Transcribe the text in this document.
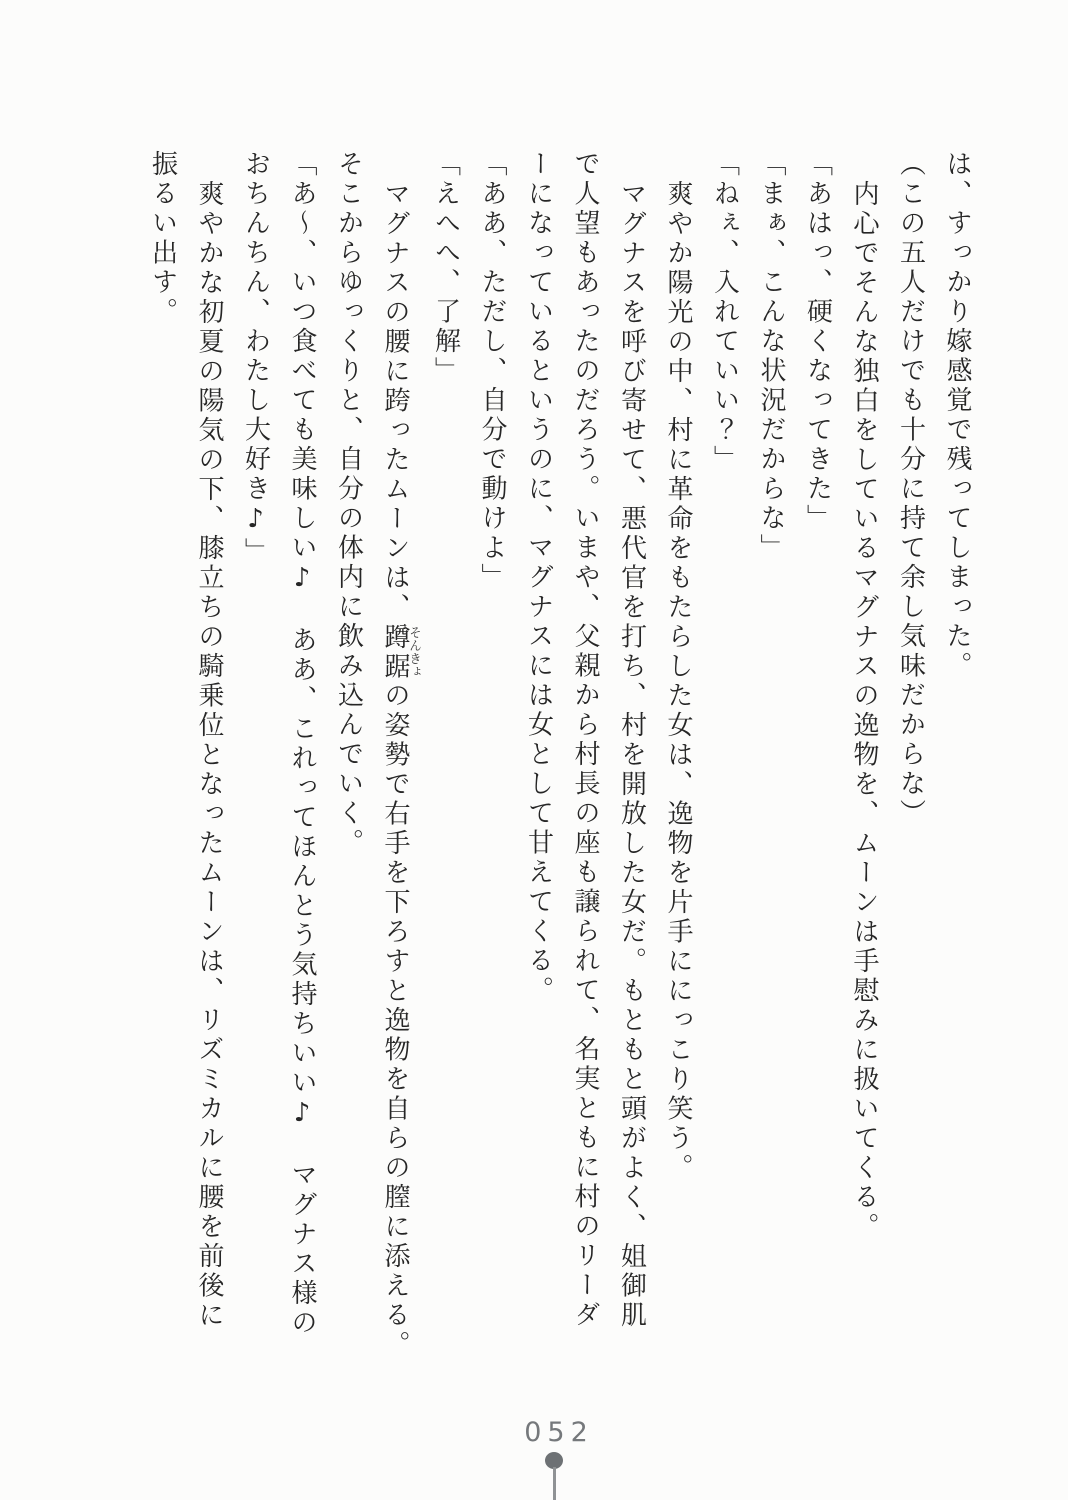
は、すっかり嫁感覚で残ってしまった。

（この五人だけでも十分に持て余し気味だからな）

内心でそんな独白をしているマグナスの逸物を、ムーンは手慰みに扱いてくる。

「あはっ、硬くなってきた」

「まぁ、こんな状況だからな」

「ねぇ、入れていい？」

爽やか陽光の中、村に革命をもたらした女は、逸物を片手ににっこり笑う。

マグナスを呼び寄せて、悪代官を打ち、村を開放した女だ。もともと頭がよく、姐御肌

で人望もあったのだろう。いまや、父親から村長の座も譲られて、名実ともに村のリーダ

ーになっているというのに、マグナスには女として甘えてくる。

「ああ、ただし、自分で動けよ」

「えへへ、了解」

マグナスの腰に跨ったムーンは、蹲踞そんきょの姿勢で右手を下ろすと逸物を自らの膣に添える。

そこからゆっくりと、自分の体内に飲み込んでいく。

「あ〜、いつ食べても美味しい♪　ああ、これってほんとう気持ちいい♪　マグナス様の

おちんちん、わたし大好き♪」

爽やかな初夏の陽気の下、膝立ちの騎乗位となったムーンは、リズミカルに腰を前後に

振るい出す。

052
